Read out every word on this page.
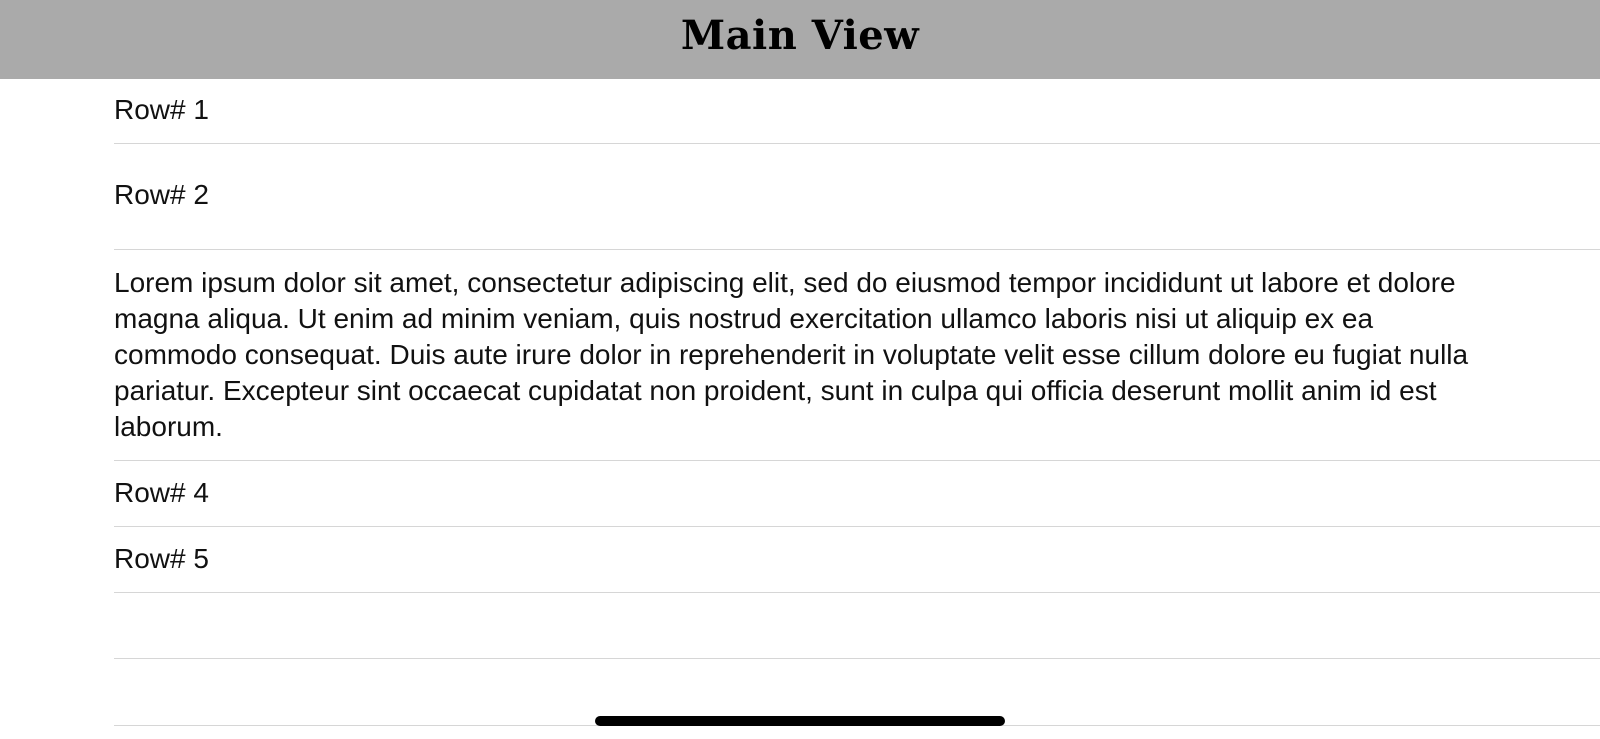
Main View
Row# 1
Row# 2

Lorem ipsum dolor sit amet, consectetur adipiscing elit, sed do eiusmod tempor incididunt ut labore et dolore magna aliqua. Ut enim ad minim veniam, quis nostrud exercitation ullamco laboris nisi ut aliquip ex ea commodo consequat. Duis aute irure dolor in reprehenderit in voluptate velit esse cillum dolore eu fugiat nulla pariatur. Excepteur sint occaecat cupidatat non proident, sunt in culpa qui officia deserunt mollit anim id est laborum.

Row# 4
Row# 5
